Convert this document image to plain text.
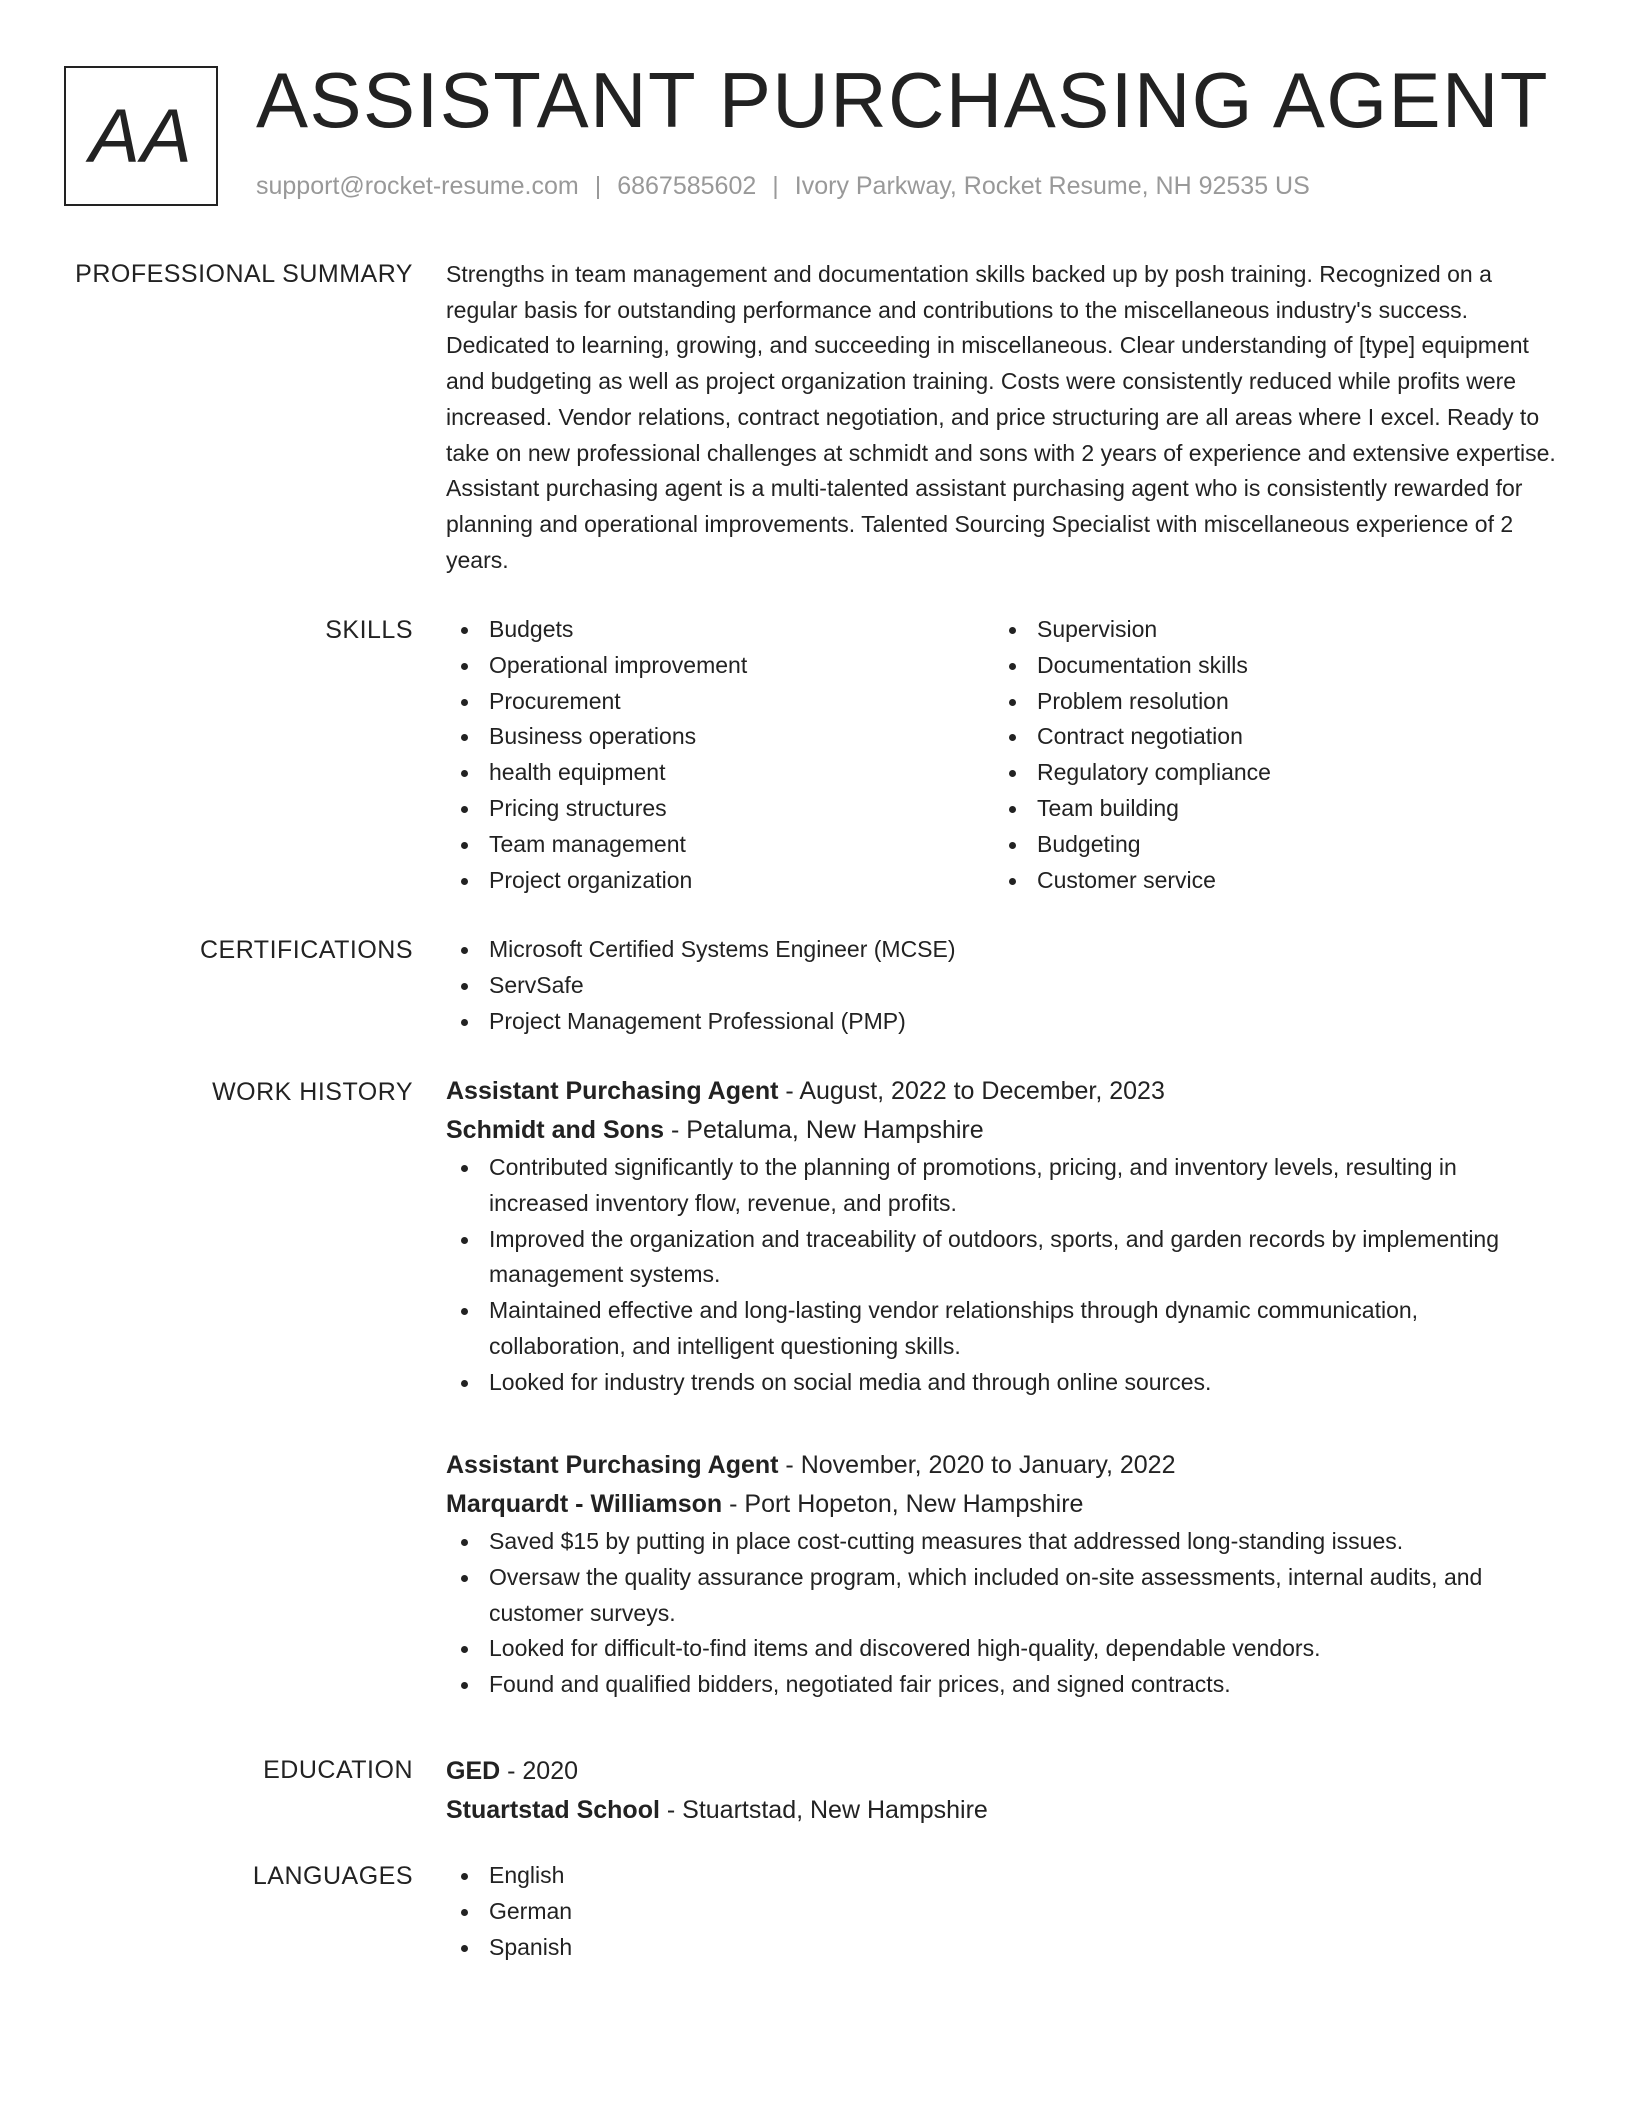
AA ASSISTANT PURCHASING AGENT
support@rocket-resume.com | 6867585602 | Ivory Parkway, Rocket Resume, NH 92535 US
PROFESSIONAL SUMMARY Strengths in team management and documentation skills backed up by posh training. Recognized on a regular basis for outstanding performance and contributions to the miscellaneous industry's success. Dedicated to learning, growing, and succeeding in miscellaneous. Clear understanding of [type] equipment and budgeting as well as project organization training. Costs were consistently reduced while profits were increased. Vendor relations, contract negotiation, and price structuring are all areas where I excel. Ready to take on new professional challenges at schmidt and sons with 2 years of experience and extensive expertise. Assistant purchasing agent is a multi-talented assistant purchasing agent who is consistently rewarded for planning and operational improvements. Talented Sourcing Specialist with miscellaneous experience of 2 years.

SKILLS	Budgets
Operational improvement
Procurement
Business operations
health equipment
Pricing structures
Team management
Project organization
Supervision
Documentation skills
Problem resolution
Contract negotiation
Regulatory compliance
Team building
Budgeting
Customer service
CERTIFICATIONS	Microsoft Certified Systems Engineer (MCSE)
ServSafe
Project Management Professional (PMP)
WORK HISTORY Assistant Purchasing Agent - August, 2022 to December, 2023
Schmidt and Sons - Petaluma, New Hampshire
Contributed significantly to the planning of promotions, pricing, and inventory levels, resulting in increased inventory flow, revenue, and profits.
Improved the organization and traceability of outdoors, sports, and garden records by implementing management systems.
Maintained effective and long-lasting vendor relationships through dynamic communication, collaboration, and intelligent questioning skills.
Looked for industry trends on social media and through online sources.
Assistant Purchasing Agent - November, 2020 to January, 2022
Marquardt - Williamson - Port Hopeton, New Hampshire
Saved $15 by putting in place cost-cutting measures that addressed long-standing issues.
Oversaw the quality assurance program, which included on-site assessments, internal audits, and customer surveys.
Looked for difficult-to-find items and discovered high-quality, dependable vendors.
Found and qualified bidders, negotiated fair prices, and signed contracts.
EDUCATION GED - 2020
Stuartstad School - Stuartstad, New Hampshire
LANGUAGES	English
German
Spanish
